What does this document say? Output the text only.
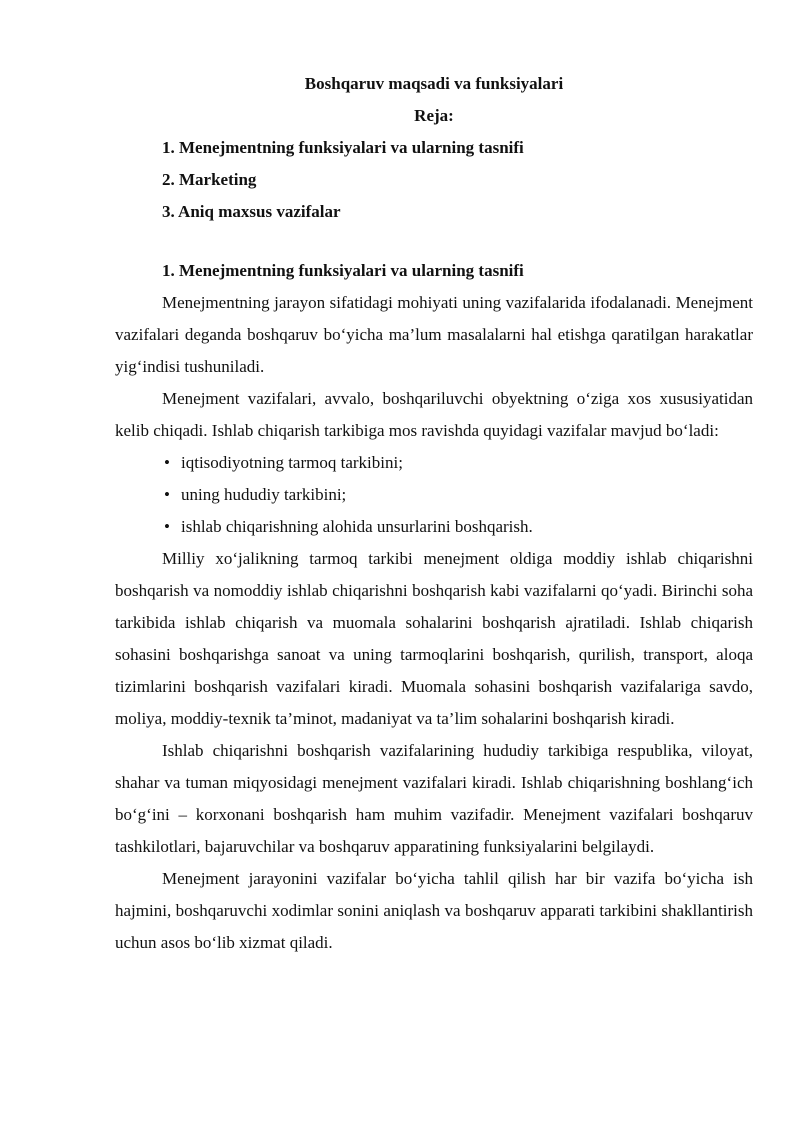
Boshqaruv maqsadi va funksiyalari

Reja:

1. Menejmentning funksiyalari va ularning tasnifi

2. Marketing

3. Aniq maxsus vazifalar

1. Menejmentning funksiyalari va ularning tasnifi

Menejmentning jarayon sifatidagi mohiyati uning vazifalarida ifodalanadi. Menejment vazifalari deganda boshqaruv bo‘yicha ma’lum masalalarni hal etishga qaratilgan harakatlar yig‘indisi tushuniladi.

Menejment vazifalari, avvalo, boshqariluvchi obyektning o‘ziga xos xususiyatidan kelib chiqadi. Ishlab chiqarish tarkibiga mos ravishda quyidagi vazifalar mavjud bo‘ladi:

• iqtisodiyotning tarmoq tarkibini;
• uning hududiy tarkibini;
• ishlab chiqarishning alohida unsurlarini boshqarish.

Milliy xo‘jalikning tarmoq tarkibi menejment oldiga moddiy ishlab chiqarishni boshqarish va nomoddiy ishlab chiqarishni boshqarish kabi vazifalarni qo‘yadi. Birinchi soha tarkibida ishlab chiqarish va muomala sohalarini boshqarish ajratiladi. Ishlab chiqarish sohasini boshqarishga sanoat va uning tarmoqlarini boshqarish, qurilish, transport, aloqa tizimlarini boshqarish vazifalari kiradi. Muomala sohasini boshqarish vazifalariga savdo, moliya, moddiy-texnik ta’minot, madaniyat va ta’lim sohalarini boshqarish kiradi.

Ishlab chiqarishni boshqarish vazifalarining hududiy tarkibiga respublika, viloyat, shahar va tuman miqyosidagi menejment vazifalari kiradi. Ishlab chiqarishning boshlang‘ich bo‘g‘ini – korxonani boshqarish ham muhim vazifadir. Menejment vazifalari boshqaruv tashkilotlari, bajaruvchilar va boshqaruv apparatining funksiyalarini belgilaydi.

Menejment jarayonini vazifalar bo‘yicha tahlil qilish har bir vazifa bo‘yicha ish hajmini, boshqaruvchi xodimlar sonini aniqlash va boshqaruv apparati tarkibini shakllantirish uchun asos bo‘lib xizmat qiladi.
